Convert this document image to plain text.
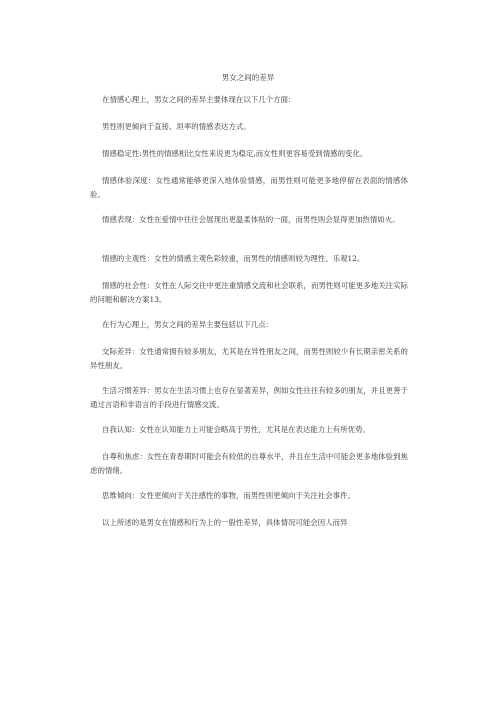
男女之间的差异

在情感心理上，男女之间的差异主要体现在以下几个方面：

男性则更倾向于直接、坦率的情感表达方式。

情感稳定性:男性的情感相比女性来说更为稳定,而女性则更容易受到情感的变化。

情感体验深度：女性通常能够更深入地体验情感，而男性则可能更多地停留在表面的情感体验。

情感表现：女性在爱情中往往会展现出更温柔体贴的一面，而男性则会显得更加热情如火。

情感的主观性：女性的情感主观色彩较重，而男性的情感则较为理性、乐观12。

情感的社会性：女性在人际交往中更注重情感交流和社会联系，而男性则可能更多地关注实际的问题和解决方案13。

在行为心理上，男女之间的差异主要包括以下几点：

交际差异：女性通常拥有较多朋友，尤其是在异性朋友之间，而男性则较少有长期亲密关系的异性朋友。

生活习惯差异：男女在生活习惯上也存在显著差异，例如女性往往有较多的朋友，并且更善于通过言语和非语言的手段进行情感交流。

自我认知：女性在认知能力上可能会略高于男性，尤其是在表达能力上有所优势。

自尊和焦虑：女性在青春期时可能会有较低的自尊水平，并且在生活中可能会更多地体验到焦虑的情绪。

思维倾向：女性更倾向于关注感性的事物，而男性则更倾向于关注社会事件。

以上所述的是男女在情感和行为上的一般性差异，具体情况可能会因人而异
